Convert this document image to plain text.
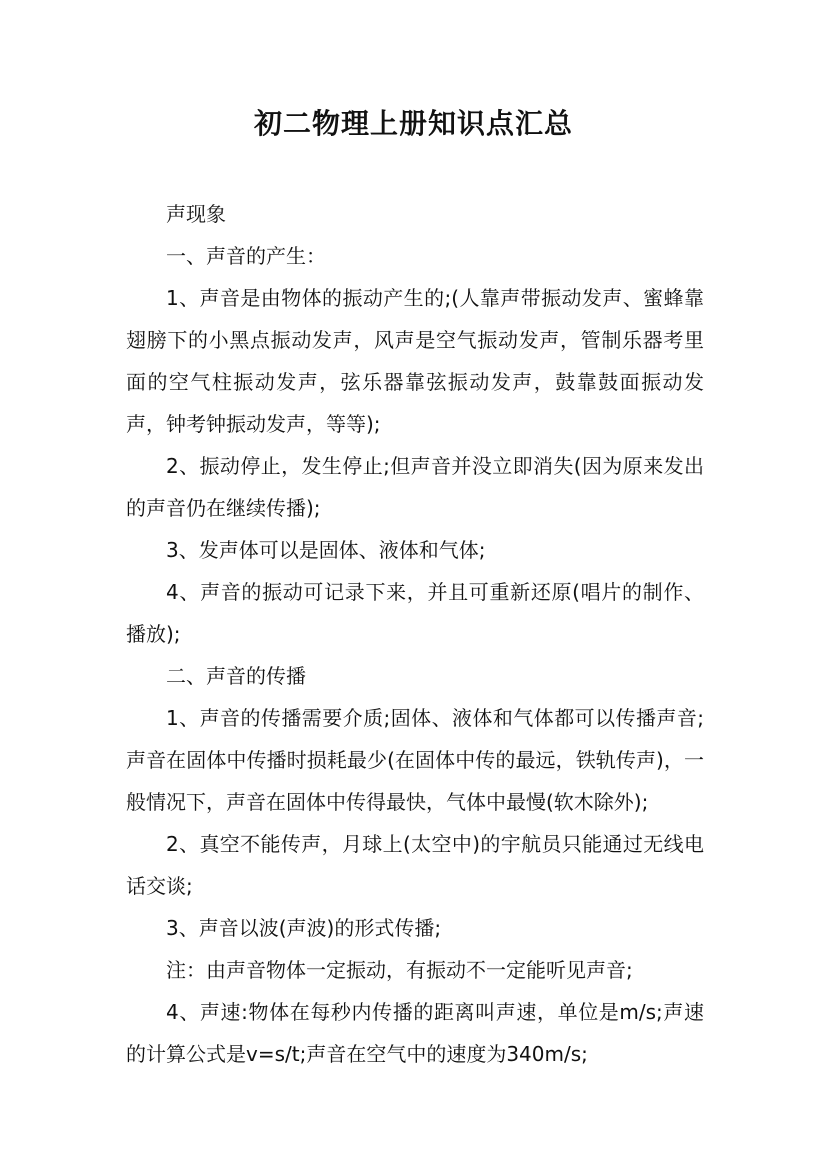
初二物理上册知识点汇总

声现象

一、声音的产生：

1、声音是由物体的振动产生的;(人靠声带振动发声、蜜蜂靠翅膀下的小黑点振动发声，风声是空气振动发声，管制乐器考里面的空气柱振动发声，弦乐器靠弦振动发声，鼓靠鼓面振动发声，钟考钟振动发声，等等);

2、振动停止，发生停止;但声音并没立即消失(因为原来发出的声音仍在继续传播);

3、发声体可以是固体、液体和气体;

4、声音的振动可记录下来，并且可重新还原(唱片的制作、播放);

二、声音的传播

1、声音的传播需要介质;固体、液体和气体都可以传播声音;声音在固体中传播时损耗最少(在固体中传的最远，铁轨传声)，一般情况下，声音在固体中传得最快，气体中最慢(软木除外);

2、真空不能传声，月球上(太空中)的宇航员只能通过无线电话交谈;

3、声音以波(声波)的形式传播;

注：由声音物体一定振动，有振动不一定能听见声音;

4、声速:物体在每秒内传播的距离叫声速，单位是m/s;声速的计算公式是v=s/t;声音在空气中的速度为340m/s;
